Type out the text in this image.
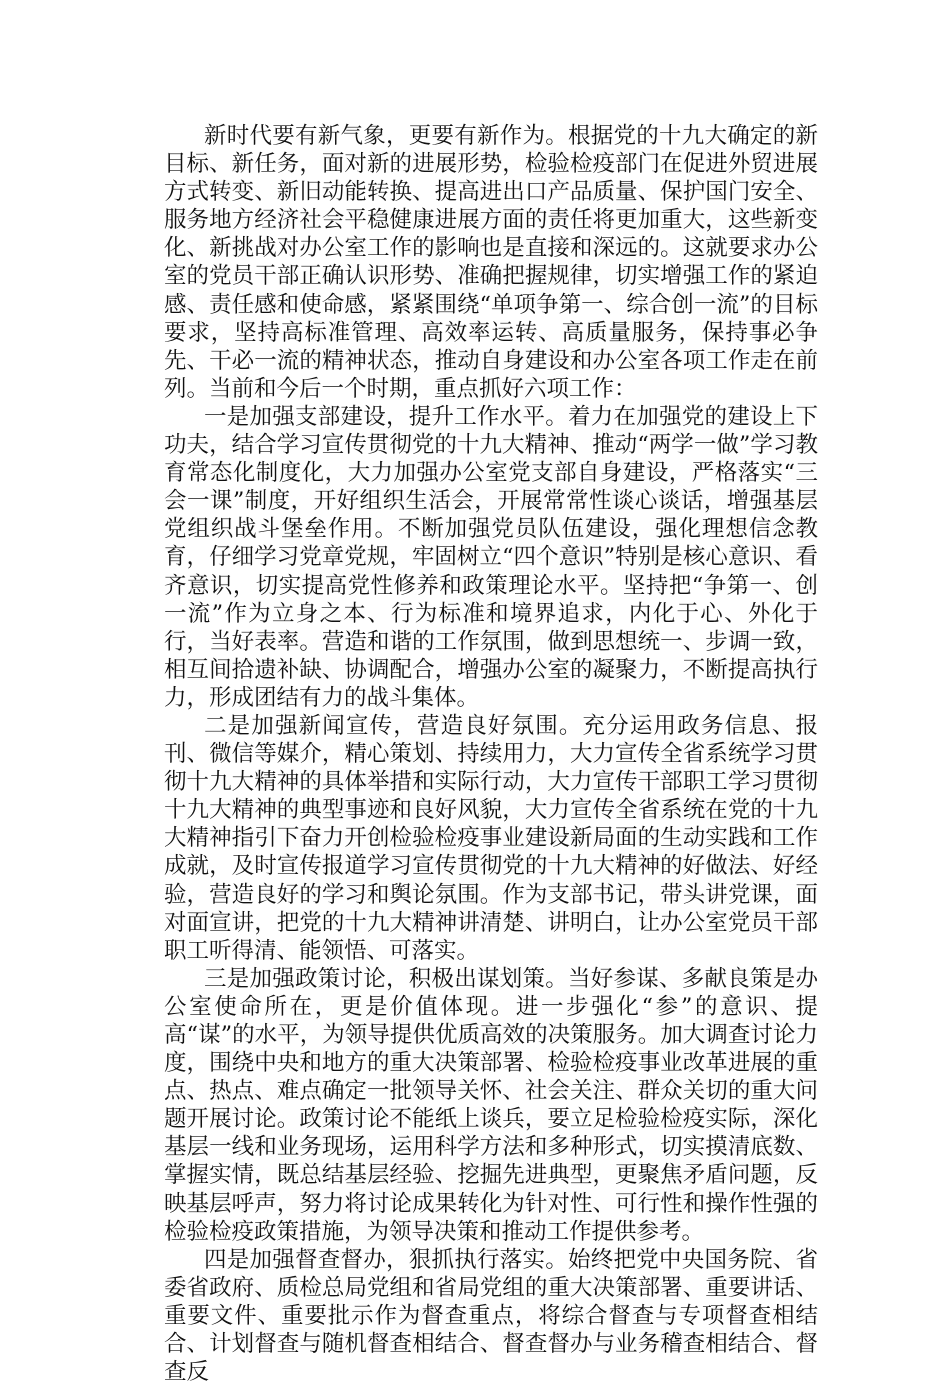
新时代要有新气象，更要有新作为。根据党的十九大确定的新目标、新任务，面对新的进展形势，检验检疫部门在促进外贸进展方式转变、新旧动能转换、提高进出口产品质量、保护国门安全、服务地方经济社会平稳健康进展方面的责任将更加重大，这些新变化、新挑战对办公室工作的影响也是直接和深远的。这就要求办公室的党员干部正确认识形势、准确把握规律，切实增强工作的紧迫感、责任感和使命感，紧紧围绕“单项争第一、综合创一流”的目标要求，坚持高标准管理、高效率运转、高质量服务，保持事必争先、干必一流的精神状态，推动自身建设和办公室各项工作走在前列。当前和今后一个时期，重点抓好六项工作：

一是加强支部建设，提升工作水平。着力在加强党的建设上下功夫，结合学习宣传贯彻党的十九大精神、推动“两学一做”学习教育常态化制度化，大力加强办公室党支部自身建设，严格落实“三会一课”制度，开好组织生活会，开展常常性谈心谈话，增强基层党组织战斗堡垒作用。不断加强党员队伍建设，强化理想信念教育，仔细学习党章党规，牢固树立“四个意识”特别是核心意识、看齐意识，切实提高党性修养和政策理论水平。坚持把“争第一、创一流”作为立身之本、行为标准和境界追求，内化于心、外化于行，当好表率。营造和谐的工作氛围，做到思想统一、步调一致，相互间拾遗补缺、协调配合，增强办公室的凝聚力，不断提高执行力，形成团结有力的战斗集体。

二是加强新闻宣传，营造良好氛围。充分运用政务信息、报刊、微信等媒介，精心策划、持续用力，大力宣传全省系统学习贯彻十九大精神的具体举措和实际行动，大力宣传干部职工学习贯彻十九大精神的典型事迹和良好风貌，大力宣传全省系统在党的十九大精神指引下奋力开创检验检疫事业建设新局面的生动实践和工作成就，及时宣传报道学习宣传贯彻党的十九大精神的好做法、好经验，营造良好的学习和舆论氛围。作为支部书记，带头讲党课，面对面宣讲，把党的十九大精神讲清楚、讲明白，让办公室党员干部职工听得清、能领悟、可落实。

三是加强政策讨论，积极出谋划策。当好参谋、多献良策是办公室使命所在，更是价值体现。进一步强化“参”的意识、提高“谋”的水平，为领导提供优质高效的决策服务。加大调查讨论力度，围绕中央和地方的重大决策部署、检验检疫事业改革进展的重点、热点、难点确定一批领导关怀、社会关注、群众关切的重大问题开展讨论。政策讨论不能纸上谈兵，要立足检验检疫实际，深化基层一线和业务现场，运用科学方法和多种形式，切实摸清底数、掌握实情，既总结基层经验、挖掘先进典型，更聚焦矛盾问题，反映基层呼声，努力将讨论成果转化为针对性、可行性和操作性强的检验检疫政策措施，为领导决策和推动工作提供参考。

四是加强督查督办，狠抓执行落实。始终把党中央国务院、省委省政府、质检总局党组和省局党组的重大决策部署、重要讲话、重要文件、重要批示作为督查重点，将综合督查与专项督查相结合、计划督查与随机督查相结合、督查督办与业务稽查相结合、督查反
